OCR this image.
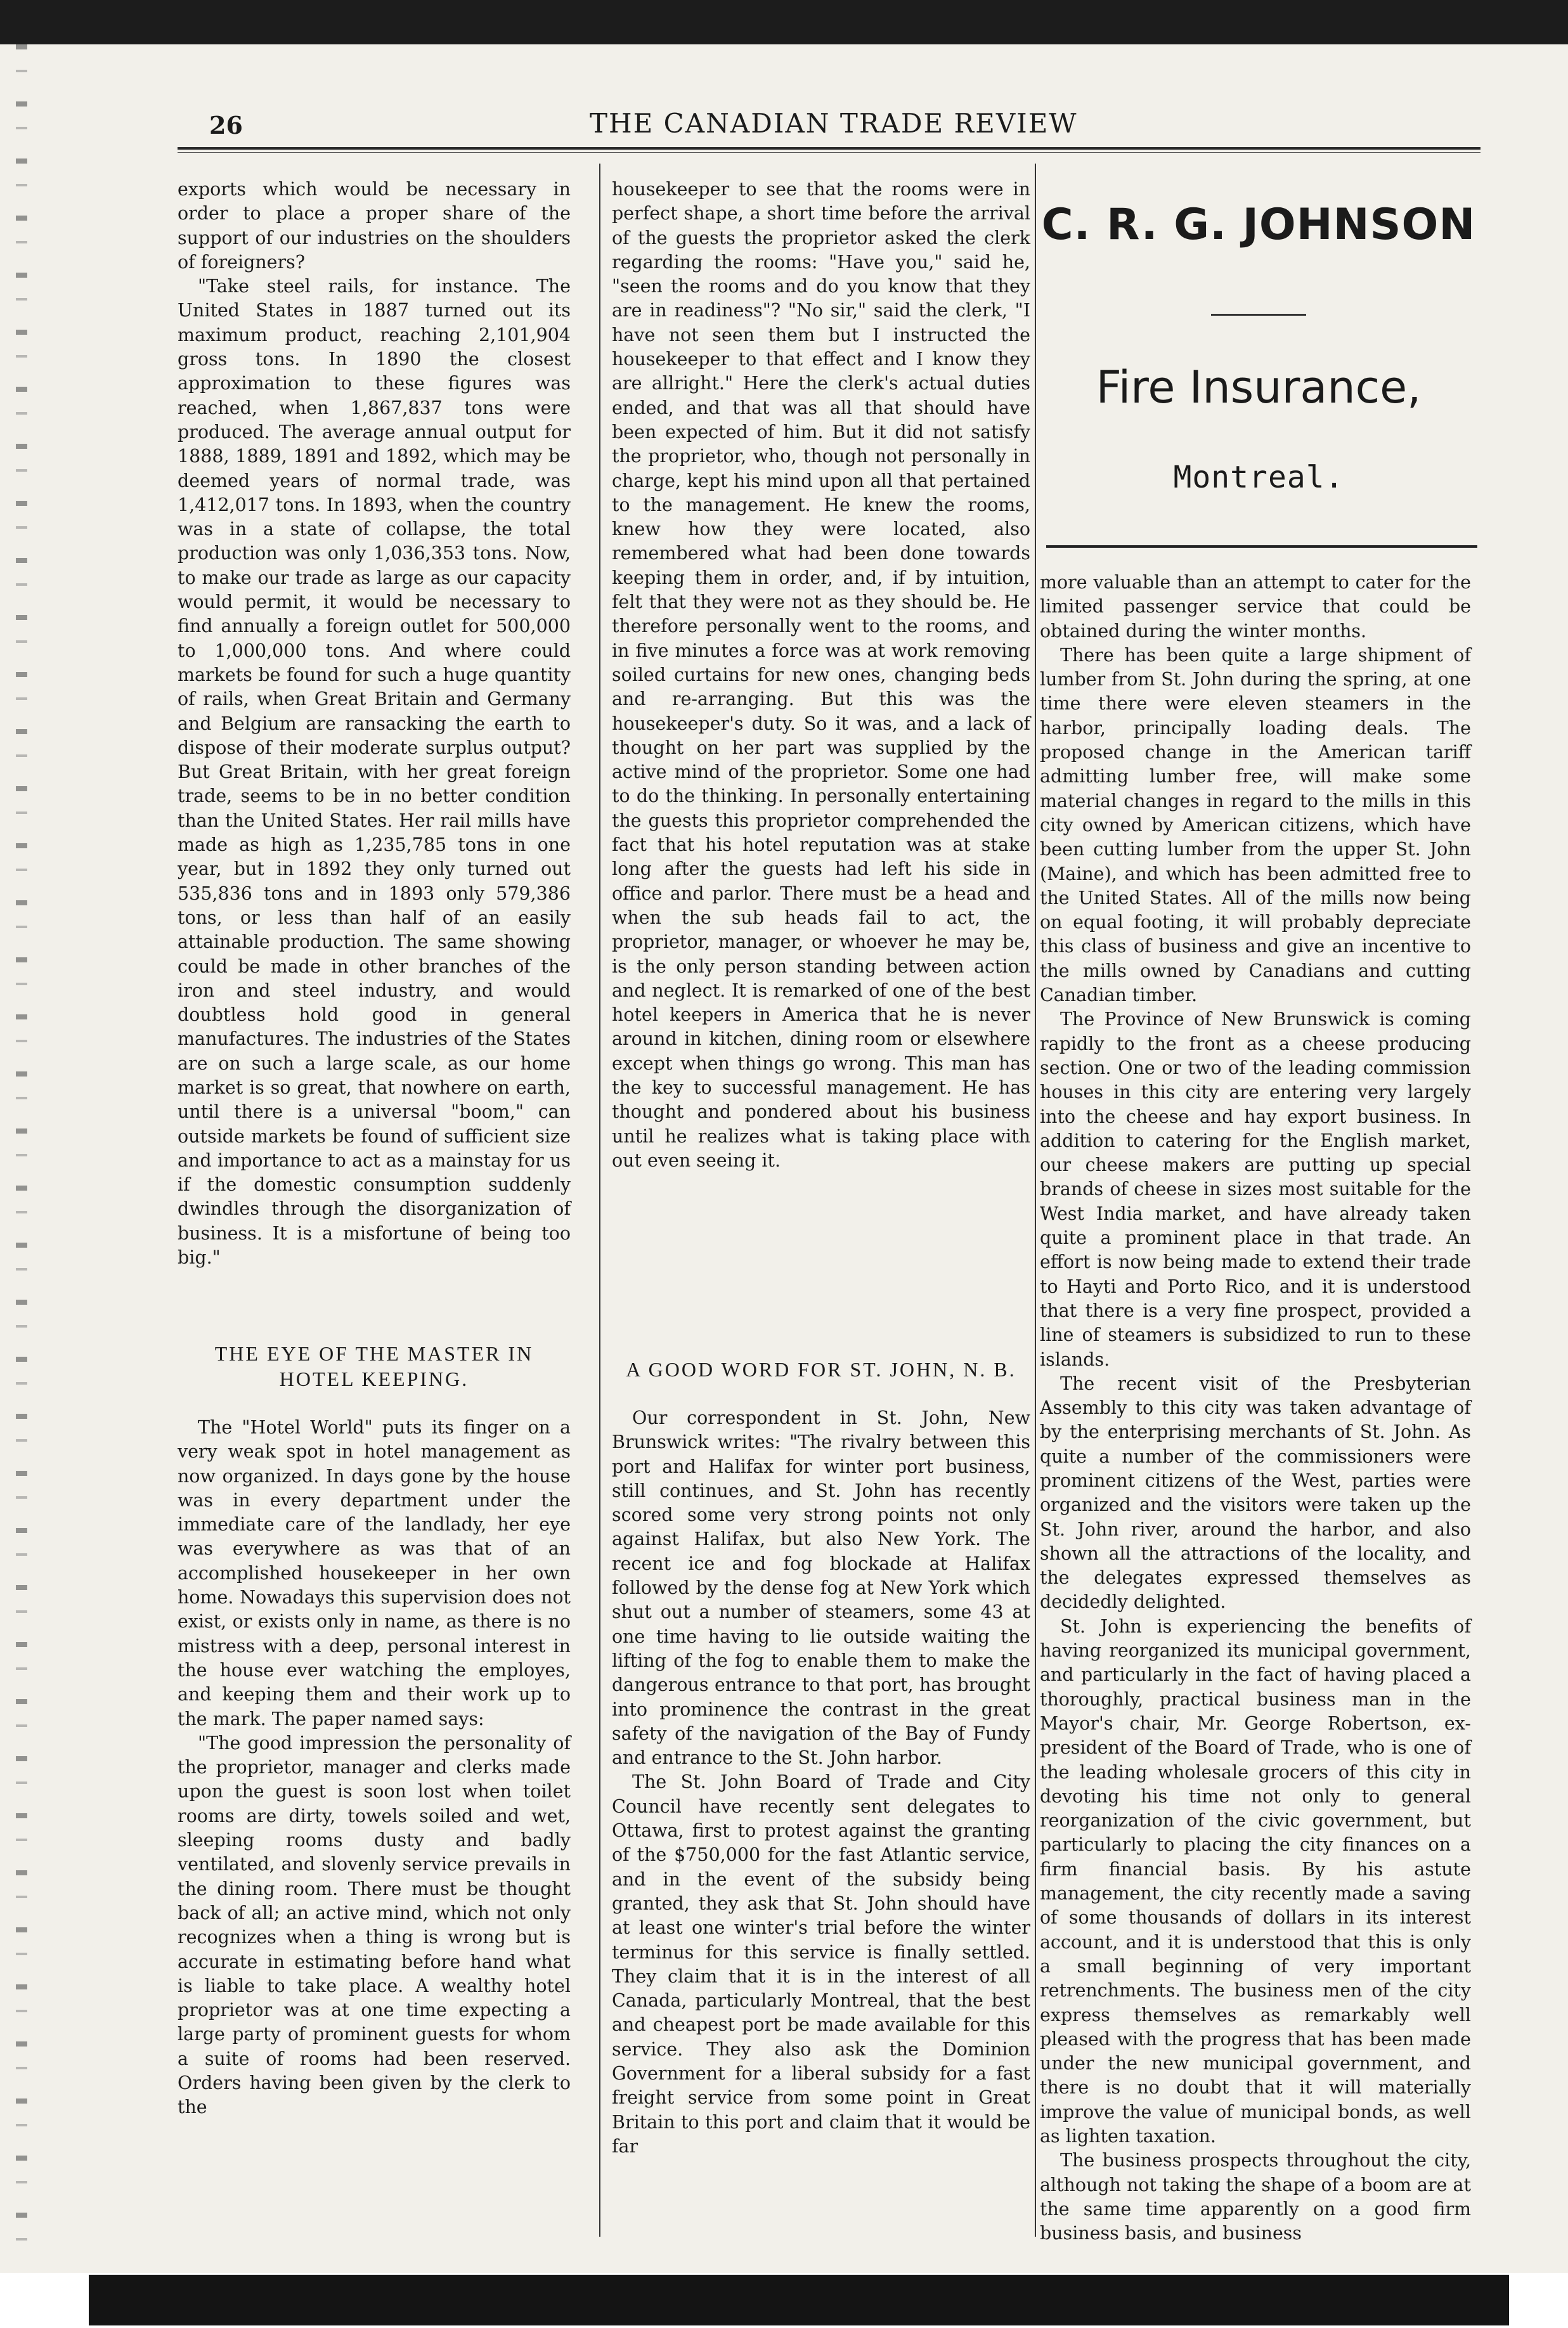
26	THE CANADIAN TRADE REVIEW

exports which would be necessary in order to place a proper share of the support of our industries on the shoulders of foreigners?

"Take steel rails, for instance. The United States in 1887 turned out its maximum product, reaching 2,101,904 gross tons. In 1890 the closest approximation to these figures was reached, when 1,867,837 tons were produced. The average annual output for 1888, 1889, 1891 and 1892, which may be deemed years of normal trade, was 1,412,017 tons. In 1893, when the country was in a state of collapse, the total production was only 1,036,353 tons. Now, to make our trade as large as our capacity would permit, it would be necessary to find annually a foreign outlet for 500,000 to 1,000,000 tons. And where could markets be found for such a huge quantity of rails, when Great Britain and Germany and Belgium are ransacking the earth to dispose of their moderate surplus output? But Great Britain, with her great foreign trade, seems to be in no better condition than the United States. Her rail mills have made as high as 1,235,785 tons in one year, but in 1892 they only turned out 535,836 tons and in 1893 only 579,386 tons, or less than half of an easily attainable production. The same showing could be made in other branches of the iron and steel industry, and would doubtless hold good in general manufactures. The industries of the States are on such a large scale, as our home market is so great, that nowhere on earth, until there is a universal "boom," can outside markets be found of sufficient size and importance to act as a mainstay for us if the domestic consumption suddenly dwindles through the disorganization of business. It is a misfortune of being too big."

THE EYE OF THE MASTER IN HOTEL KEEPING.

The "Hotel World" puts its finger on a very weak spot in hotel management as now organized. In days gone by the house was in every department under the immediate care of the landlady, her eye was everywhere as was that of an accomplished housekeeper in her own home. Nowadays this supervision does not exist, or exists only in name, as there is no mistress with a deep, personal interest in the house ever watching the employes, and keeping them and their work up to the mark. The paper named says:

"The good impression the personality of the proprietor, manager and clerks made upon the guest is soon lost when toilet rooms are dirty, towels soiled and wet, sleeping rooms dusty and badly ventilated, and slovenly service prevails in the dining room. There must be thought back of all; an active mind, which not only recognizes when a thing is wrong but is accurate in estimating before hand what is liable to take place. A wealthy hotel proprietor was at one time expecting a large party of prominent guests for whom a suite of rooms had been reserved. Orders having been given by the clerk to the

housekeeper to see that the rooms were in perfect shape, a short time before the arrival of the guests the proprietor asked the clerk regarding the rooms: "Have you," said he, "seen the rooms and do you know that they are in readiness"? "No sir," said the clerk, "I have not seen them but I instructed the housekeeper to that effect and I know they are allright." Here the clerk's actual duties ended, and that was all that should have been expected of him. But it did not satisfy the proprietor, who, though not personally in charge, kept his mind upon all that pertained to the management. He knew the rooms, knew how they were located, also remembered what had been done towards keeping them in order, and, if by intuition, felt that they were not as they should be. He therefore personally went to the rooms, and in five minutes a force was at work removing soiled curtains for new ones, changing beds and re-arranging. But this was the housekeeper's duty. So it was, and a lack of thought on her part was supplied by the active mind of the proprietor. Some one had to do the thinking. In personally entertaining the guests this proprietor comprehended the fact that his hotel reputation was at stake long after the guests had left his side in office and parlor. There must be a head and when the sub heads fail to act, the proprietor, manager, or whoever he may be, is the only person standing between action and neglect. It is remarked of one of the best hotel keepers in America that he is never around in kitchen, dining room or elsewhere except when things go wrong. This man has the key to successful management. He has thought and pondered about his business until he realizes what is taking place with out even seeing it.

A GOOD WORD FOR ST. JOHN, N. B.

Our correspondent in St. John, New Brunswick writes: "The rivalry between this port and Halifax for winter port business, still continues, and St. John has recently scored some very strong points not only against Halifax, but also New York. The recent ice and fog blockade at Halifax followed by the dense fog at New York which shut out a number of steamers, some 43 at one time having to lie outside waiting the lifting of the fog to enable them to make the dangerous entrance to that port, has brought into prominence the contrast in the great safety of the navigation of the Bay of Fundy and entrance to the St. John harbor.

The St. John Board of Trade and City Council have recently sent delegates to Ottawa, first to protest against the granting of the $750,000 for the fast Atlantic service, and in the event of the subsidy being granted, they ask that St. John should have at least one winter's trial before the winter terminus for this service is finally settled. They claim that it is in the interest of all Canada, particularly Montreal, that the best and cheapest port be made available for this service. They also ask the Dominion Government for a liberal subsidy for a fast freight service from some point in Great Britain to this port and claim that it would be far

C. R. G. JOHNSON
Fire Insurance,
Montreal.

more valuable than an attempt to cater for the limited passenger service that could be obtained during the winter months.

There has been quite a large shipment of lumber from St. John during the spring, at one time there were eleven steamers in the harbor, principally loading deals. The proposed change in the American tariff admitting lumber free, will make some material changes in regard to the mills in this city owned by American citizens, which have been cutting lumber from the upper St. John (Maine), and which has been admitted free to the United States. All of the mills now being on equal footing, it will probably depreciate this class of business and give an incentive to the mills owned by Canadians and cutting Canadian timber.

The Province of New Brunswick is coming rapidly to the front as a cheese producing section. One or two of the leading commission houses in this city are entering very largely into the cheese and hay export business. In addition to catering for the English market, our cheese makers are putting up special brands of cheese in sizes most suitable for the West India market, and have already taken quite a prominent place in that trade. An effort is now being made to extend their trade to Hayti and Porto Rico, and it is understood that there is a very fine prospect, provided a line of steamers is subsidized to run to these islands.

The recent visit of the Presbyterian Assembly to this city was taken advantage of by the enterprising merchants of St. John. As quite a number of the commissioners were prominent citizens of the West, parties were organized and the visitors were taken up the St. John river, around the harbor, and also shown all the attractions of the locality, and the delegates expressed themselves as decidedly delighted.

St. John is experiencing the benefits of having reorganized its municipal government, and particularly in the fact of having placed a thoroughly, practical business man in the Mayor's chair, Mr. George Robertson, ex-president of the Board of Trade, who is one of the leading wholesale grocers of this city in devoting his time not only to general reorganization of the civic government, but particularly to placing the city finances on a firm financial basis. By his astute management, the city recently made a saving of some thousands of dollars in its interest account, and it is understood that this is only a small beginning of very important retrenchments. The business men of the city express themselves as remarkably well pleased with the progress that has been made under the new municipal government, and there is no doubt that it will materially improve the value of municipal bonds, as well as lighten taxation.

The business prospects throughout the city, although not taking the shape of a boom are at the same time apparently on a good firm business basis, and business
